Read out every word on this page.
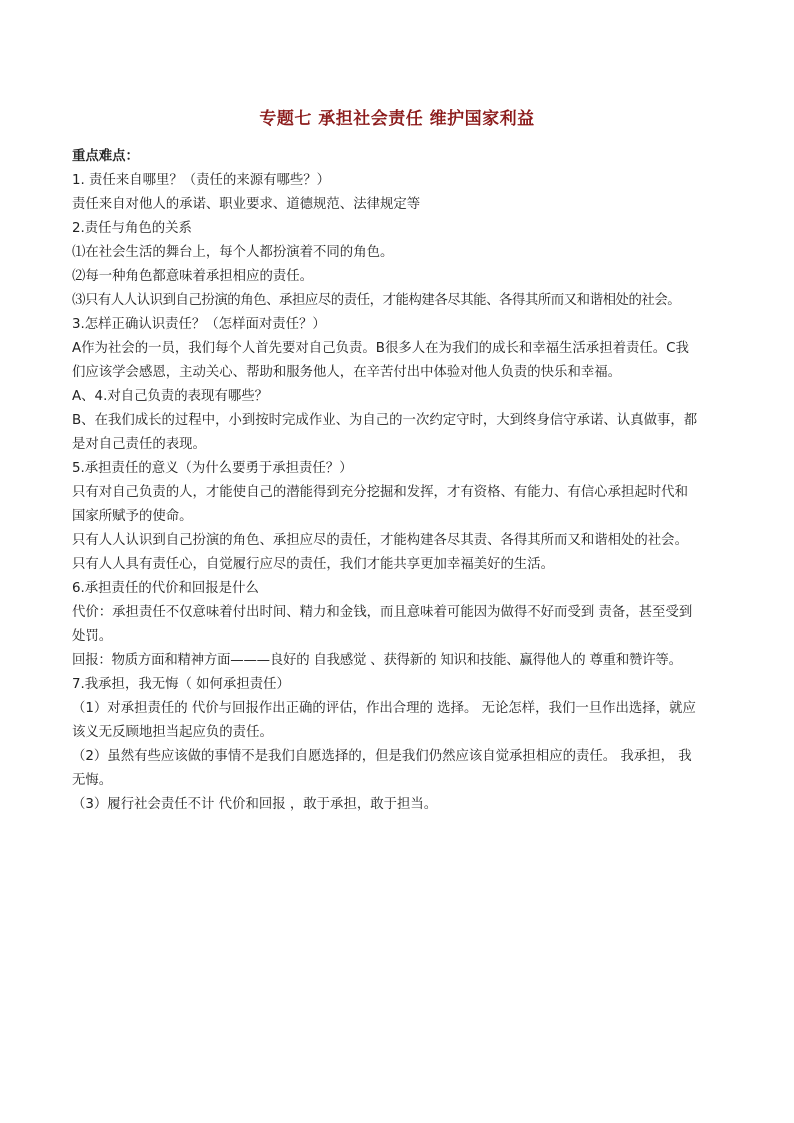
专题七 承担社会责任 维护国家利益

重点难点：

1. 责任来自哪里？（责任的来源有哪些？）

责任来自对他人的承诺、职业要求、道德规范、法律规定等

2.责任与角色的关系

⑴在社会生活的舞台上，每个人都扮演着不同的角色。

⑵每一种角色都意味着承担相应的责任。

⑶只有人人认识到自己扮演的角色、承担应尽的责任，才能构建各尽其能、各得其所而又和谐相处的社会。

3.怎样正确认识责任？（怎样面对责任？）

A作为社会的一员，我们每个人首先要对自己负责。B很多人在为我们的成长和幸福生活承担着责任。C我

们应该学会感恩，主动关心、帮助和服务他人，在辛苦付出中体验对他人负责的快乐和幸福。

A、4.对自己负责的表现有哪些？

B、在我们成长的过程中，小到按时完成作业、为自己的一次约定守时，大到终身信守承诺、认真做事，都

是对自己责任的表现。

5.承担责任的意义（为什么要勇于承担责任？）

只有对自己负责的人，才能使自己的潜能得到充分挖掘和发挥，才有资格、有能力、有信心承担起时代和

国家所赋予的使命。

只有人人认识到自己扮演的角色、承担应尽的责任，才能构建各尽其责、各得其所而又和谐相处的社会。

只有人人具有责任心，自觉履行应尽的责任，我们才能共享更加幸福美好的生活。

6.承担责任的代价和回报是什么

代价：承担责任不仅意味着付出时间、精力和金钱，而且意味着可能因为做得不好而受到 责备，甚至受到

处罚。

回报：物质方面和精神方面———良好的 自我感觉 、获得新的 知识和技能、赢得他人的 尊重和赞许等。

7.我承担，我无悔（ 如何承担责任）

（1）对承担责任的 代价与回报作出正确的评估，作出合理的 选择。 无论怎样，我们一旦作出选择，就应

该义无反顾地担当起应负的责任。

（2）虽然有些应该做的事情不是我们自愿选择的，但是我们仍然应该自觉承担相应的责任。 我承担， 我

无悔。

（3）履行社会责任不计 代价和回报 ，敢于承担，敢于担当。
